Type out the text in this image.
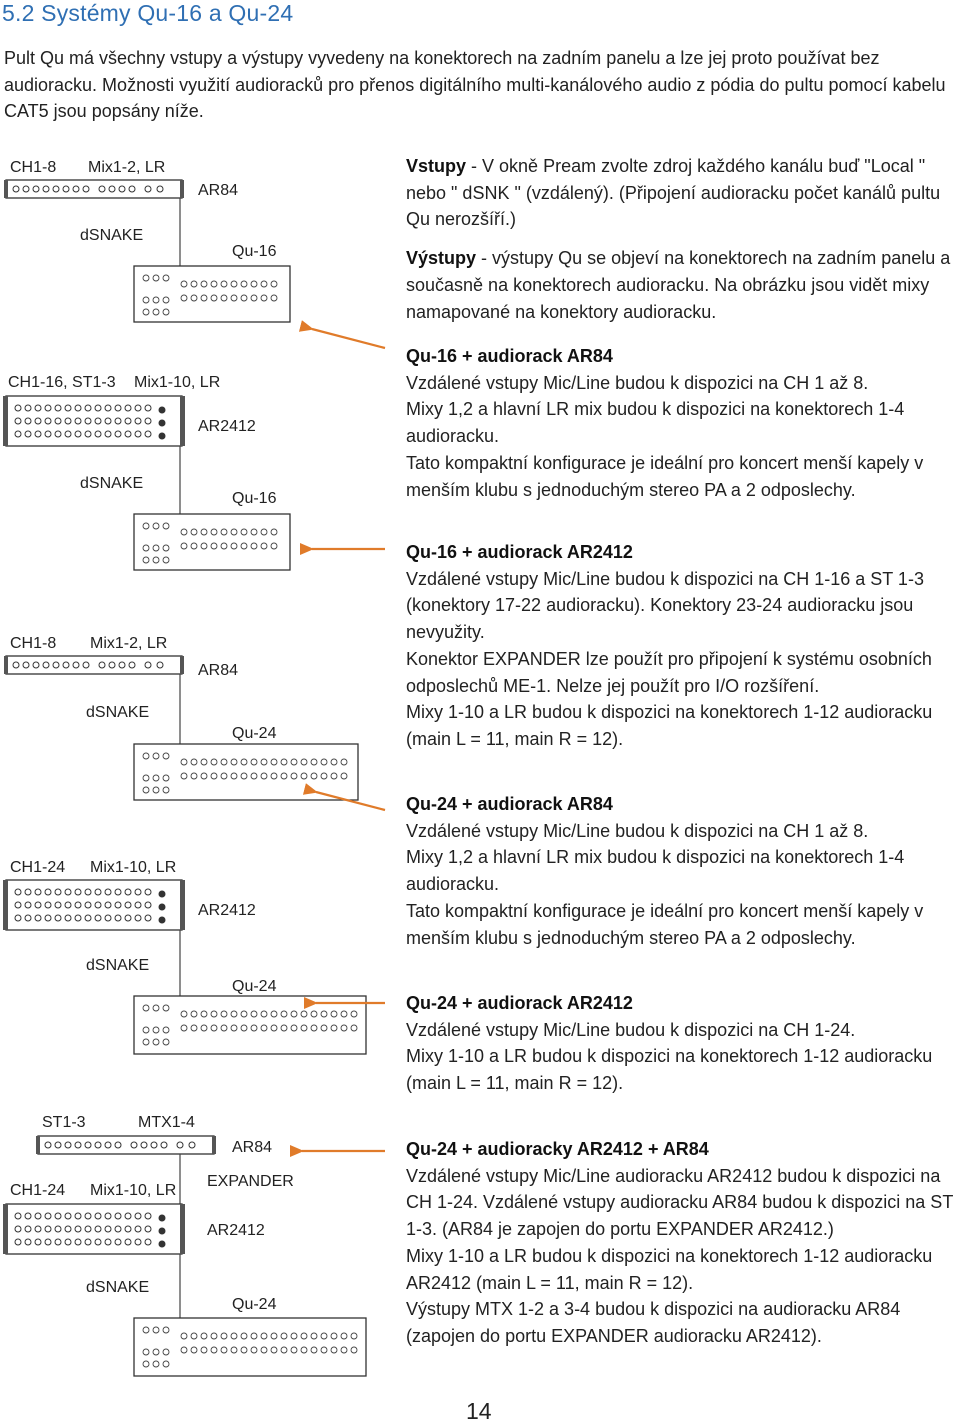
5.2 Systémy Qu-16 a Qu-24
Pult Qu má všechny vstupy a výstupy vyvedeny na konektorech na zadním panelu a lze jej proto používat bez audioracku. Možnosti využití audioracků pro přenos digitálního multi-kanálového audio z pódia do pultu pomocí kabelu CAT5 jsou popsány níže.

Vstupy - V okně Pream zvolte zdroj každého kanálu buď "Local " nebo " dSNK " (vzdálený). (Připojení audioracku počet kanálů pultu Qu nerozšíří.)

Výstupy - výstupy Qu se objeví na konektorech na zadním panelu a současně na konektorech audioracku. Na obrázku jsou vidět mixy namapované na konektory audioracku.

Qu-16 + audiorack AR84

Vzdálené vstupy Mic/Line budou k dispozici na CH 1 až 8.

Mixy 1,2 a hlavní LR mix budou k dispozici na konektorech 1-4 audioracku.

Tato kompaktní konfigurace je ideální pro koncert menší kapely v menším klubu s jednoduchým stereo PA a 2 odposlechy.

Qu-16 + audiorack AR2412

Vzdálené vstupy Mic/Line budou k dispozici na CH 1-16 a ST 1-3 (konektory 17-22 audioracku). Konektory 23-24 audioracku jsou nevyužity.

Konektor EXPANDER lze použít pro připojení k systému osobních odposlechů ME-1. Nelze jej použít pro I/O rozšíření.

Mixy 1-10 a LR budou k dispozici na konektorech 1-12 audioracku (main L = 11, main R = 12).

Qu-24 + audiorack AR84

Vzdálené vstupy Mic/Line budou k dispozici na CH 1 až 8.

Mixy 1,2 a hlavní LR mix budou k dispozici na konektorech 1-4 audioracku.

Tato kompaktní konfigurace je ideální pro koncert menší kapely v menším klubu s jednoduchým stereo PA a 2 odposlechy.

Qu-24 + audiorack AR2412

Vzdálené vstupy Mic/Line budou k dispozici na CH 1-24.

Mixy 1-10 a LR budou k dispozici na konektorech 1-12 audioracku (main L = 11, main R = 12).

Qu-24 + audioracky AR2412 + AR84

Vzdálené vstupy Mic/Line audioracku AR2412 budou k dispozici na CH 1-24. Vzdálené vstupy audioracku AR84 budou k dispozici na ST 1-3. (AR84 je zapojen do portu EXPANDER AR2412.)

Mixy 1-10 a LR budou k dispozici na konektorech 1-12 audioracku AR2412 (main L = 11, main R = 12).

Výstupy MTX 1-2 a 3-4 budou k dispozici na audioracku AR84 (zapojen do portu EXPANDER audioracku AR2412).

14
CH1-8 Mix1-2, LR
AR84
dSNAKE
Qu-16
CH1-16, ST1-3 Mix1-10, LR
AR2412
dSNAKE
Qu-16
CH1-8 Mix1-2, LR
AR84
dSNAKE
Qu-24
CH1-24 Mix1-10, LR
AR2412
dSNAKE
Qu-24
ST1-3	MTX1-4
AR84
EXPANDER
CH1-24 Mix1-10, LR
AR2412
dSNAKE
Qu-24
